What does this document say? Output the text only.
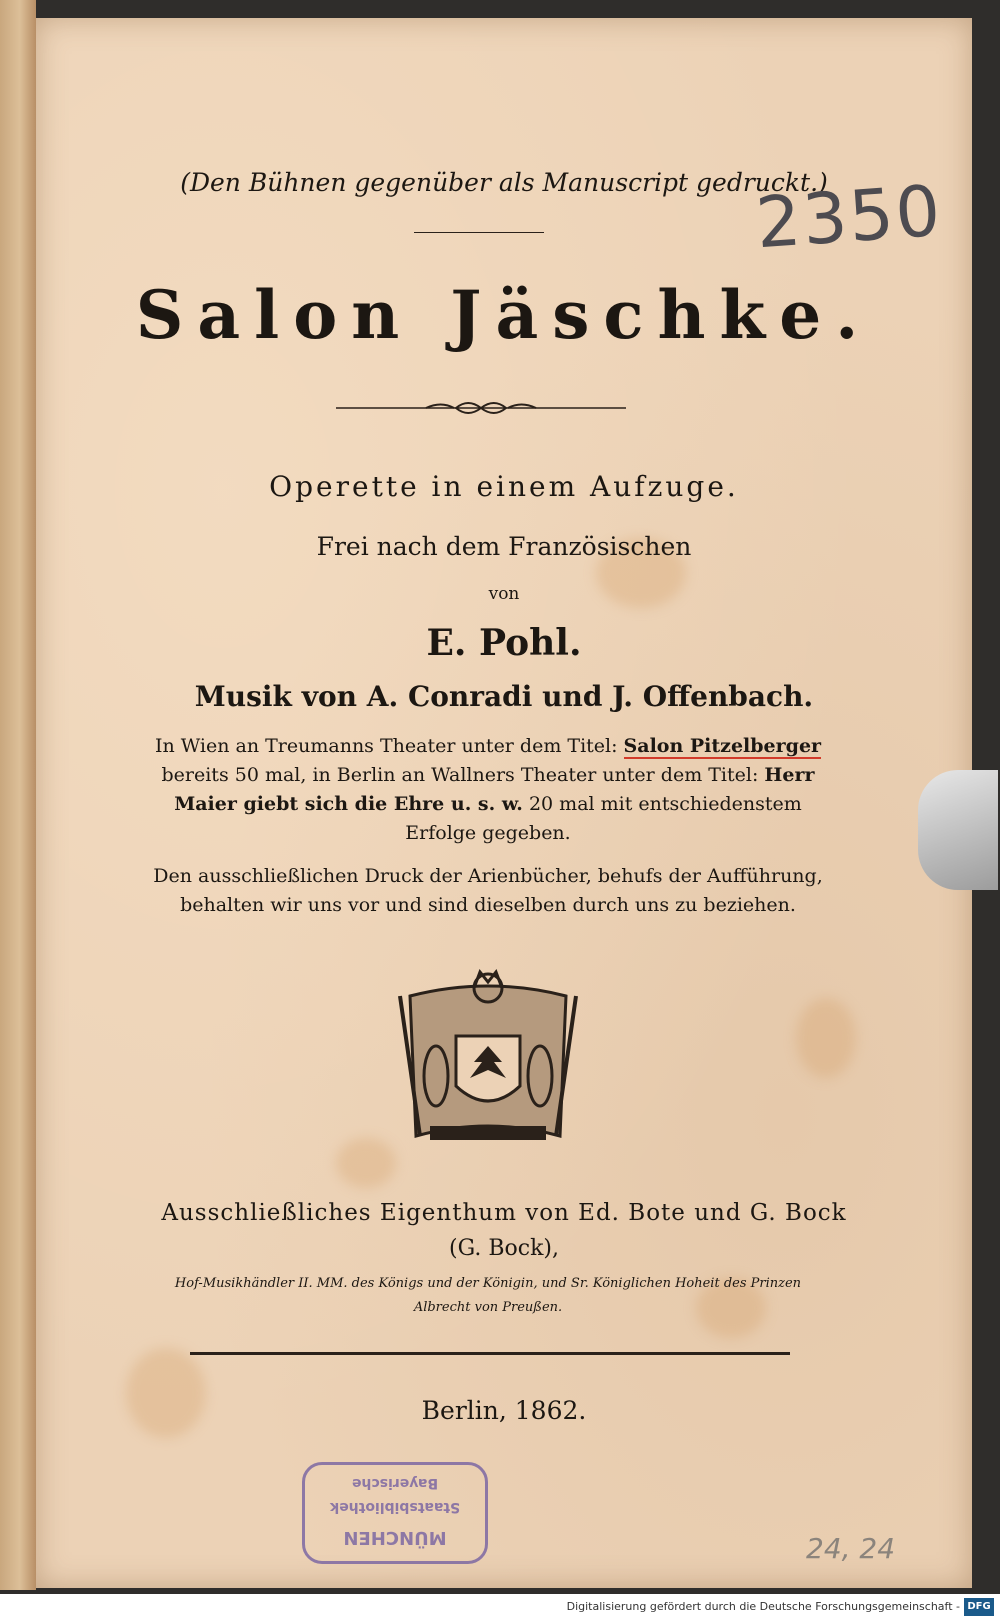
(Den Bühnen gegenüber als Manuscript gedruckt.)
2350
Salon Jäschke.
Operette in einem Aufzuge.
Frei nach dem Französischen
von
E. Pohl.
Musik von A. Conradi und J. Offenbach.
In Wien an Treumanns Theater unter dem Titel: Salon Pitzelberger bereits 50 mal, in Berlin an Wallners Theater unter dem Titel: Herr Maier giebt sich die Ehre u. s. w. 20 mal mit entschiedenstem Erfolge gegeben.
Den ausschließlichen Druck der Arienbücher, behufs der Aufführung, behalten wir uns vor und sind dieselben durch uns zu beziehen.
Ausschließliches Eigenthum von Ed. Bote und G. Bock
(G. Bock),
Hof-Musikhändler II. MM. des Königs und der Königin, und Sr. Königlichen Hoheit des Prinzen Albrecht von Preußen.
Berlin, 1862.
Bayerische
Staatsbibliothek
MÜNCHEN	24, 24
Digitalisierung gefördert durch die Deutsche Forschungsgemeinschaft - DFG
